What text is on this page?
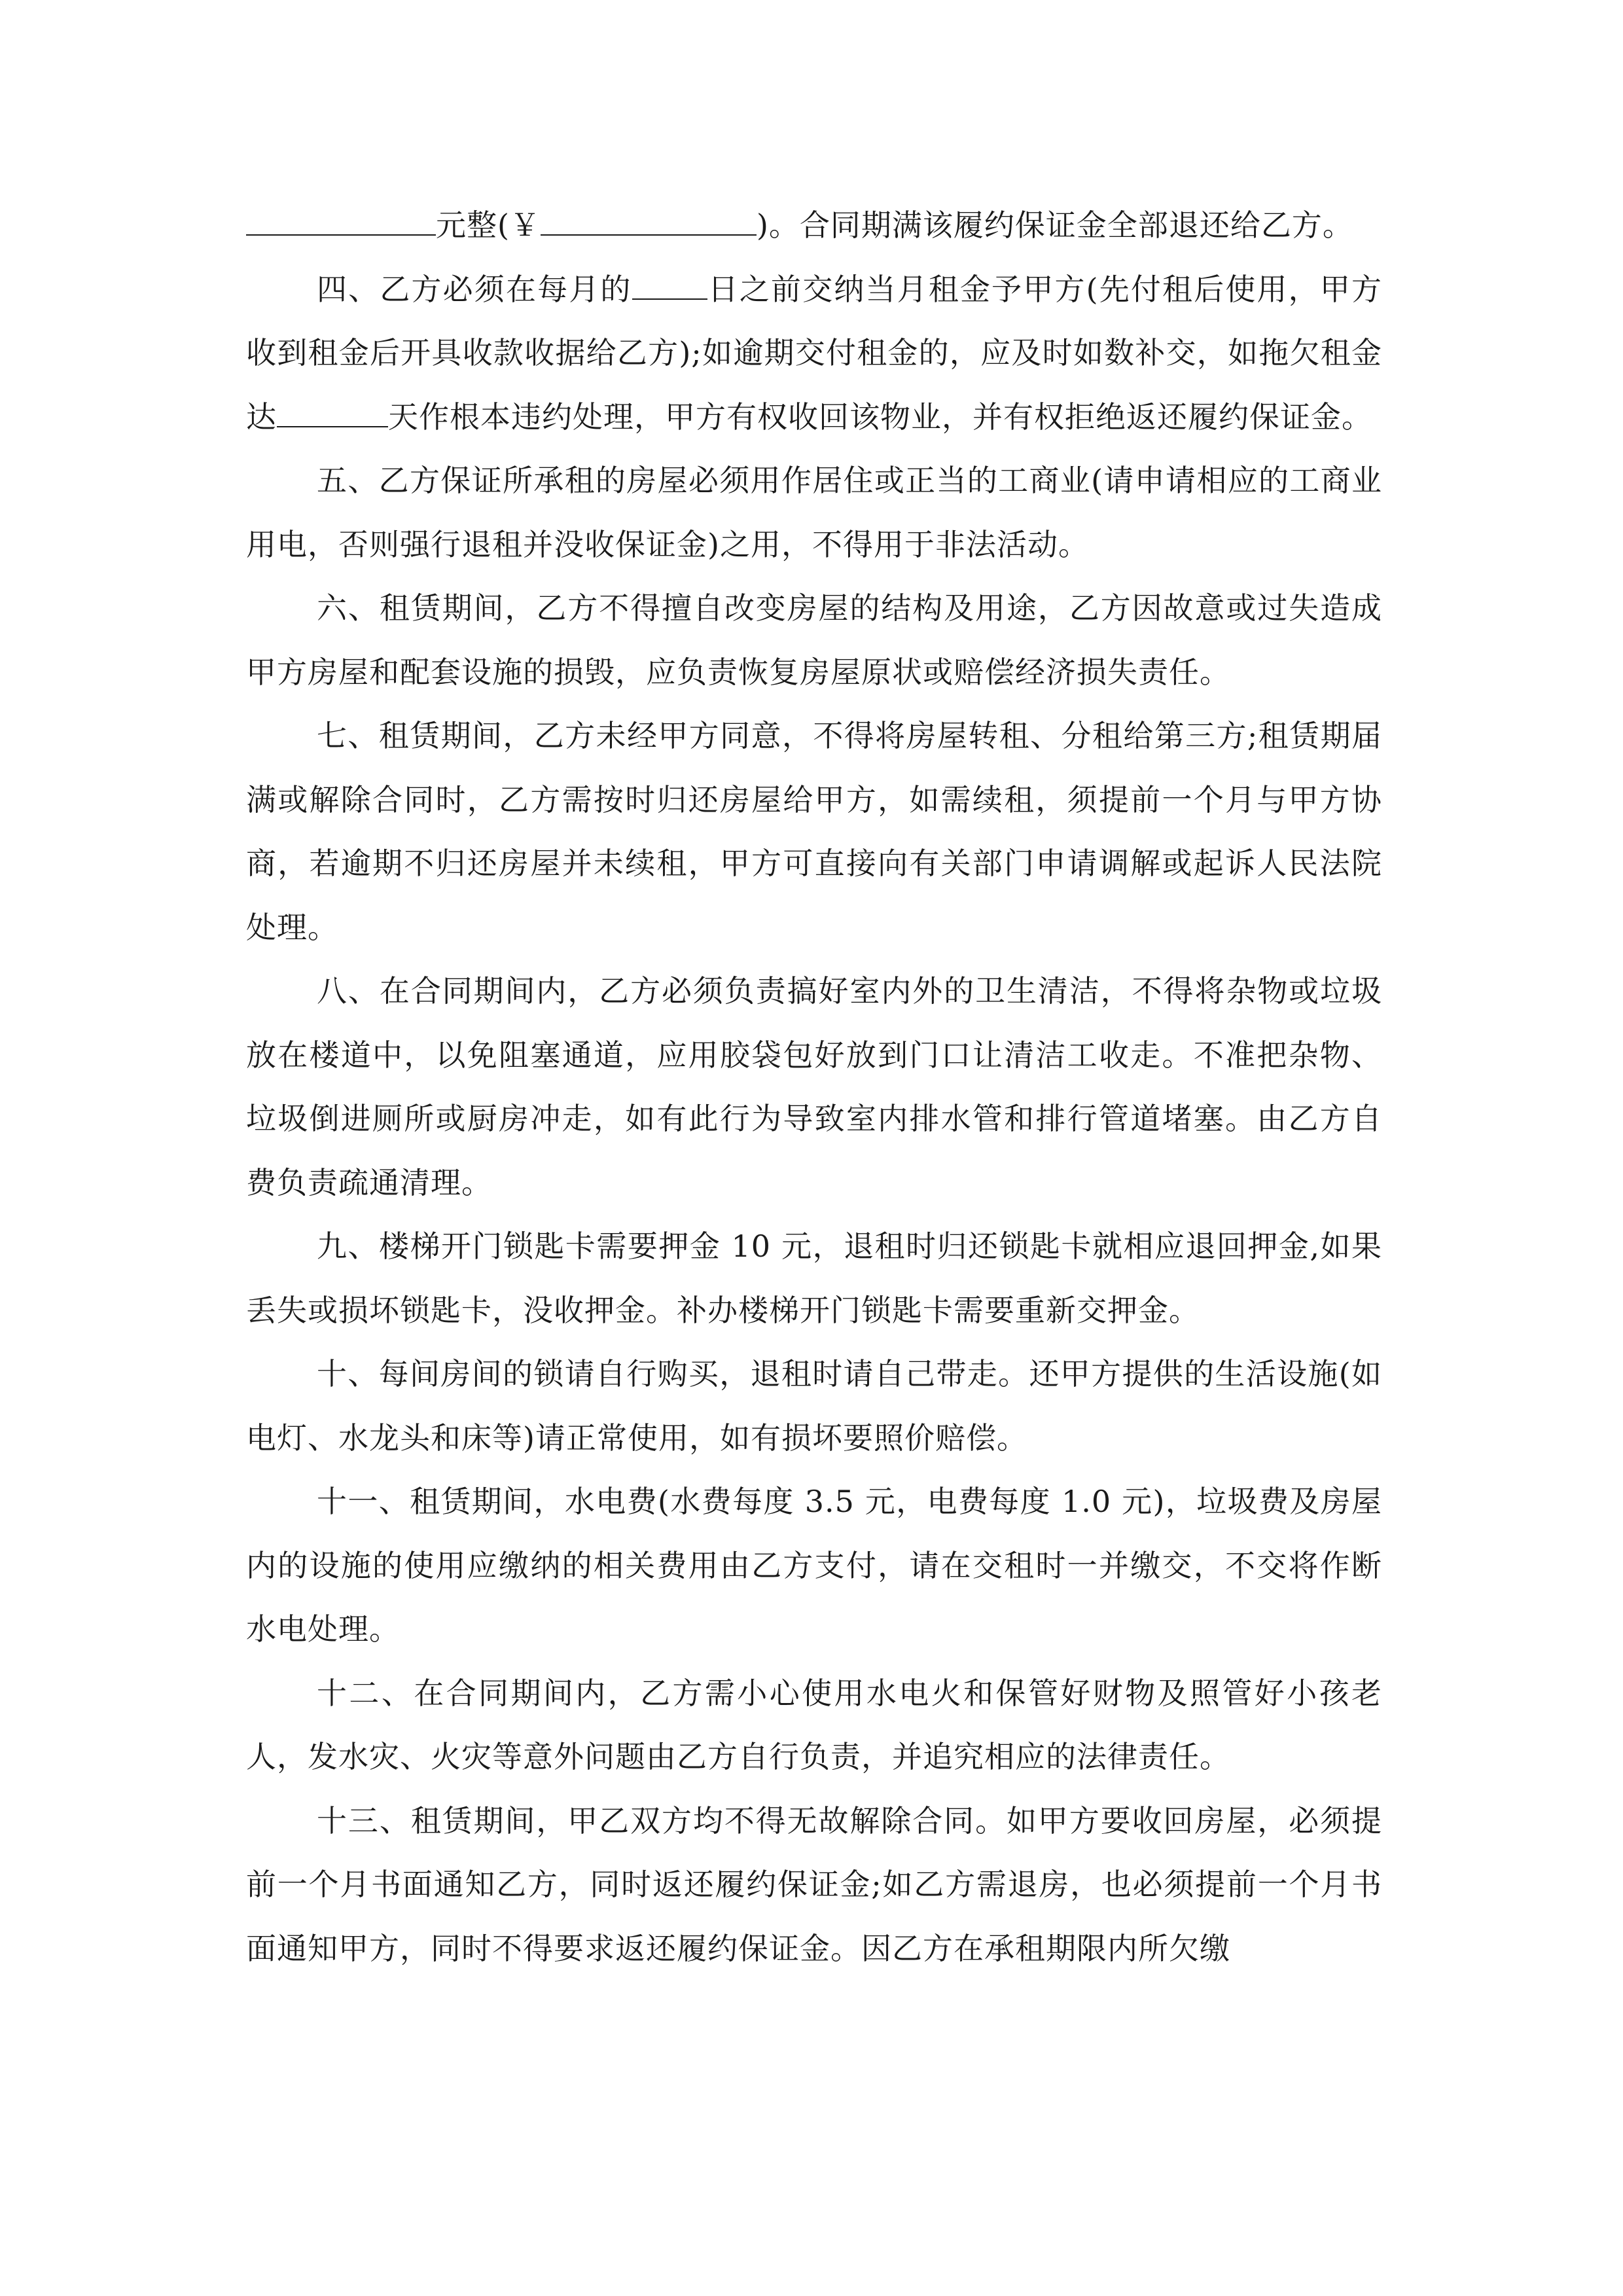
元整(￥	)。合同期满该履约保证金全部退还给乙方。

四、乙方必须在每月的	日之前交纳当月租金予甲方(先付租后使用，甲方收到租金后开具收款收据给乙方);如逾期交付租金的，应及时如数补交，如拖欠租金达	天作根本违约处理，甲方有权收回该物业，并有权拒绝返还履约保证金。

五、乙方保证所承租的房屋必须用作居住或正当的工商业(请申请相应的工商业用电，否则强行退租并没收保证金)之用，不得用于非法活动。

六、租赁期间，乙方不得擅自改变房屋的结构及用途，乙方因故意或过失造成甲方房屋和配套设施的损毁，应负责恢复房屋原状或赔偿经济损失责任。

七、租赁期间，乙方未经甲方同意，不得将房屋转租、分租给第三方;租赁期届满或解除合同时，乙方需按时归还房屋给甲方，如需续租，须提前一个月与甲方协商，若逾期不归还房屋并未续租，甲方可直接向有关部门申请调解或起诉人民法院处理。

八、在合同期间内，乙方必须负责搞好室内外的卫生清洁，不得将杂物或垃圾放在楼道中，以免阻塞通道，应用胶袋包好放到门口让清洁工收走。不准把杂物、垃圾倒进厕所或厨房冲走，如有此行为导致室内排水管和排行管道堵塞。由乙方自费负责疏通清理。

九、楼梯开门锁匙卡需要押金 10 元，退租时归还锁匙卡就相应退回押金,如果丢失或损坏锁匙卡，没收押金。补办楼梯开门锁匙卡需要重新交押金。

十、每间房间的锁请自行购买，退租时请自己带走。还甲方提供的生活设施(如电灯、水龙头和床等)请正常使用，如有损坏要照价赔偿。

十一、租赁期间，水电费(水费每度 3.5 元，电费每度 1.0 元)，垃圾费及房屋内的设施的使用应缴纳的相关费用由乙方支付，请在交租时一并缴交，不交将作断水电处理。

十二、在合同期间内，乙方需小心使用水电火和保管好财物及照管好小孩老人，发水灾、火灾等意外问题由乙方自行负责，并追究相应的法律责任。

十三、租赁期间，甲乙双方均不得无故解除合同。如甲方要收回房屋，必须提前一个月书面通知乙方，同时返还履约保证金;如乙方需退房，也必须提前一个月书面通知甲方，同时不得要求返还履约保证金。因乙方在承租期限内所欠缴
